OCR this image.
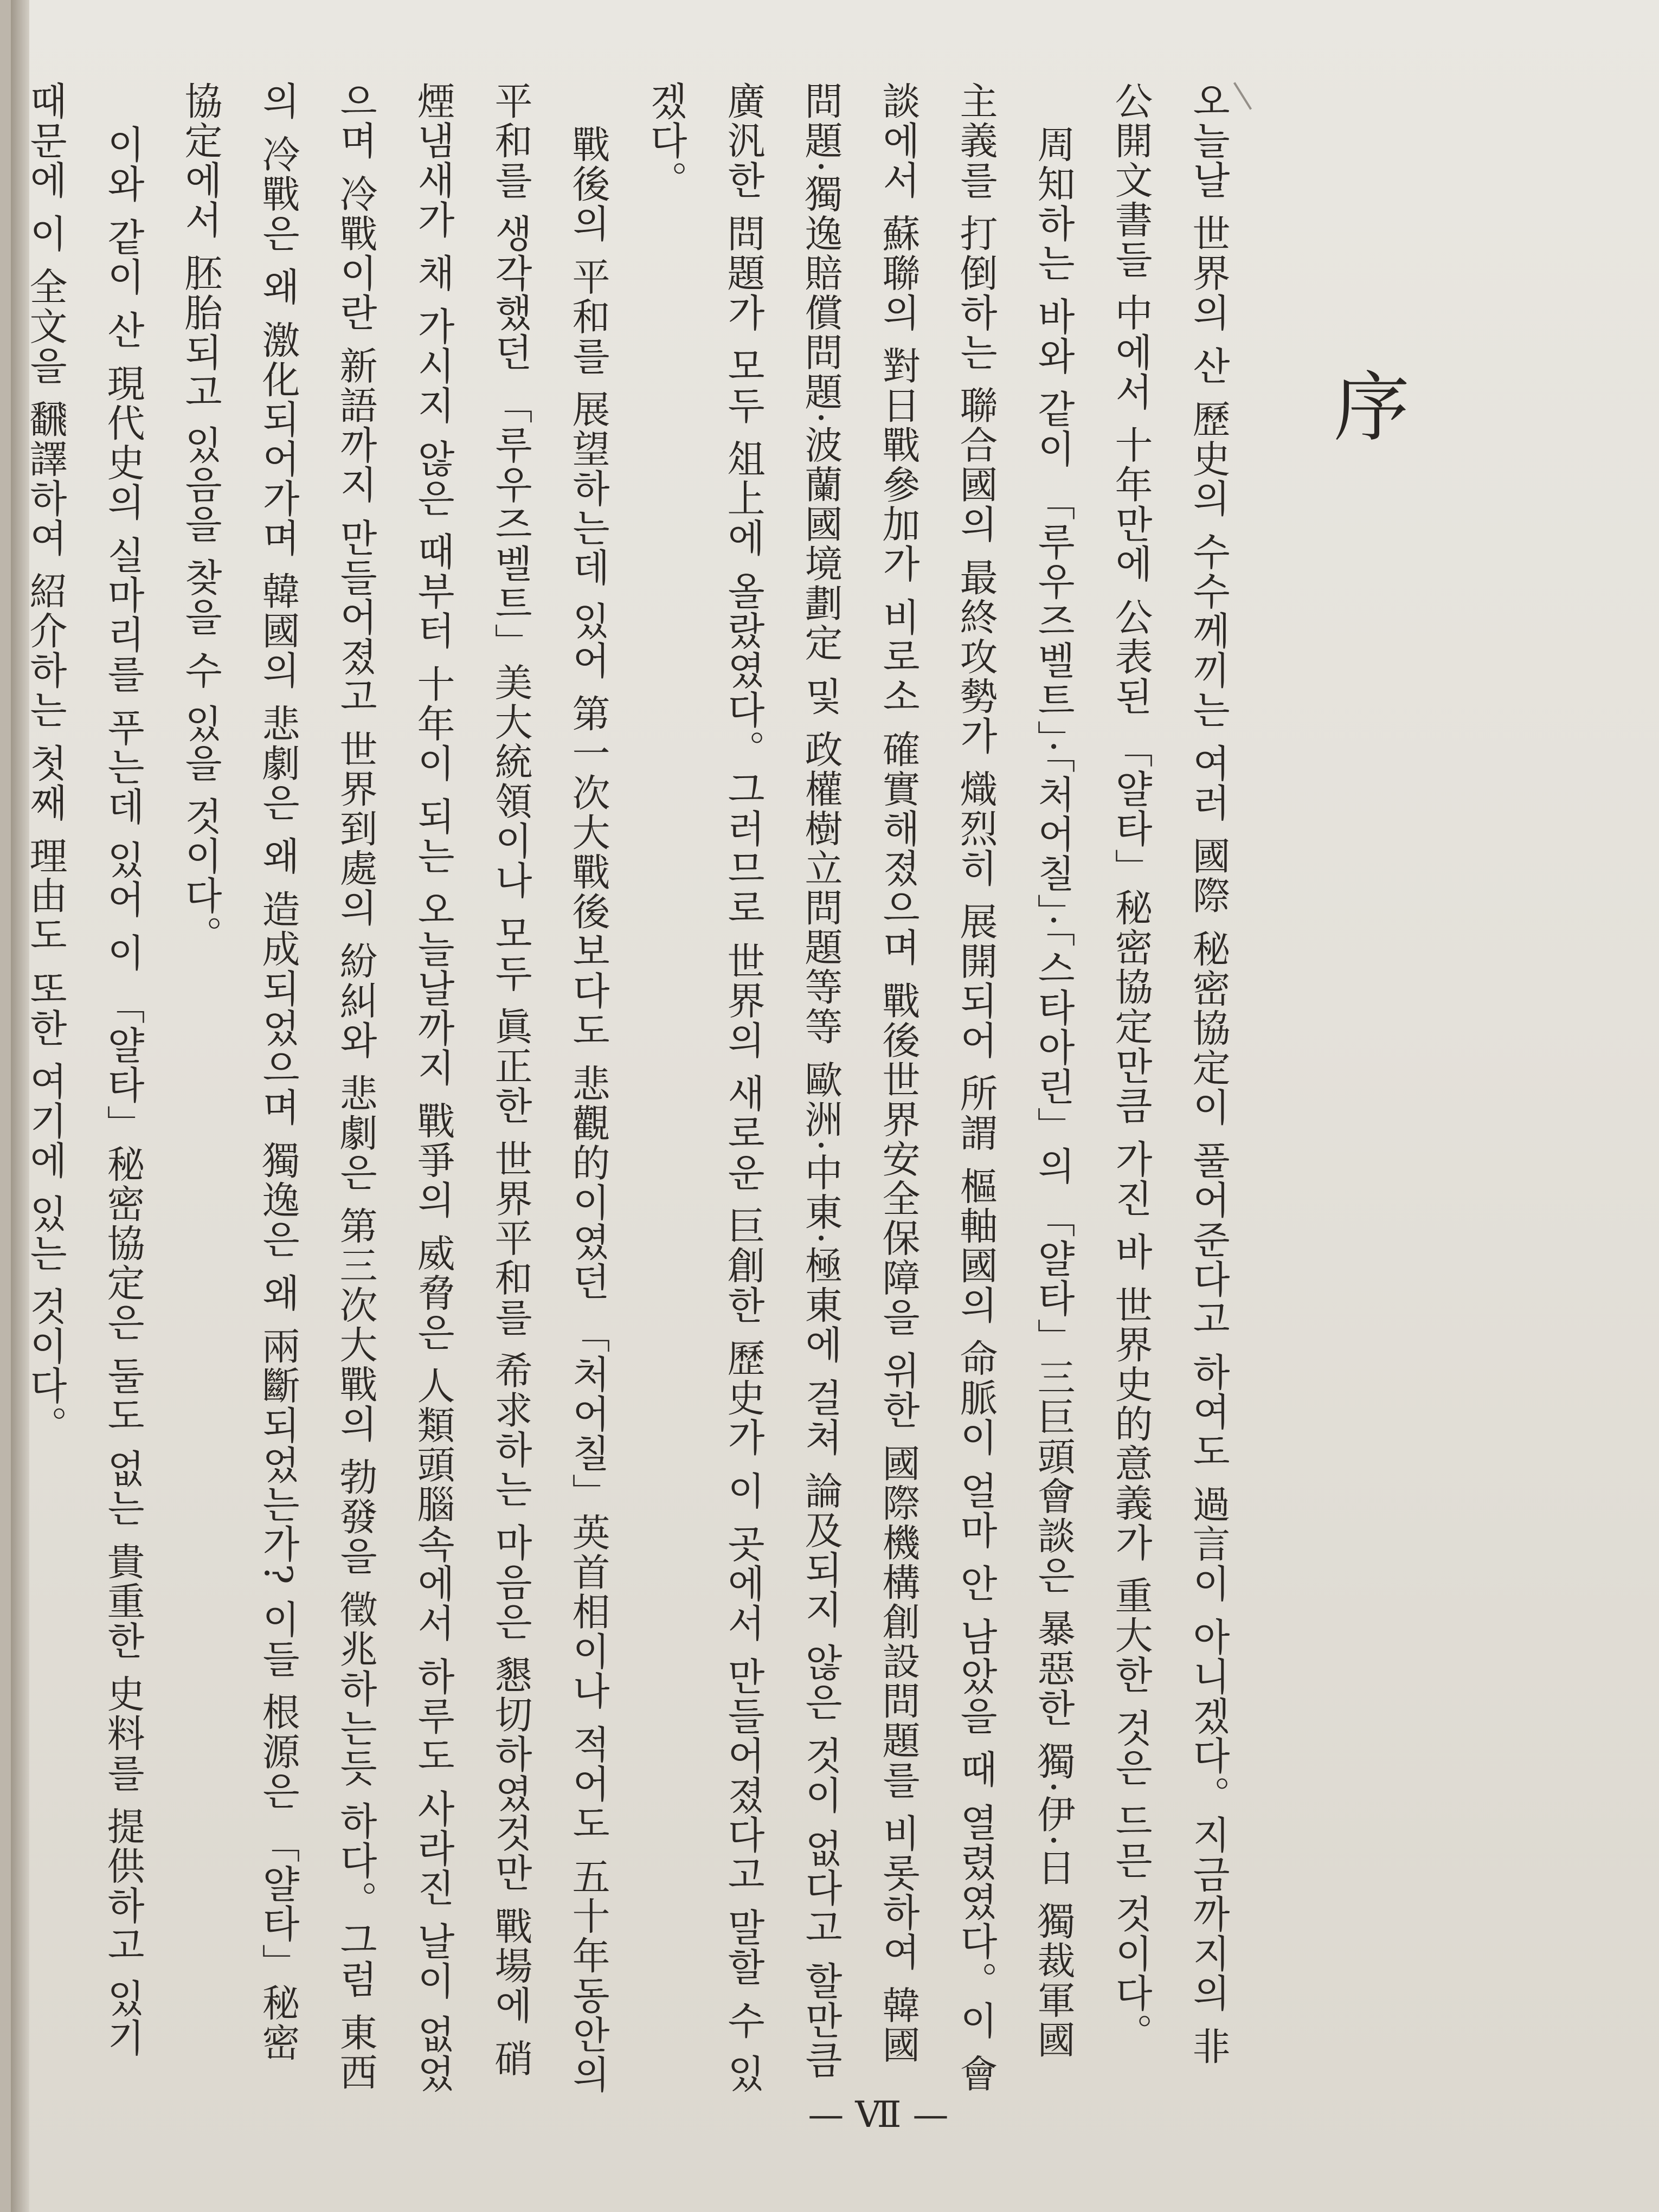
序

오늘날 世界의 산 歷史의 수수께끼는 여러 國際 秘密協定이 풀어준다고 하여도 過言이 아니겠다。지금까지의 非公開文書들 中에서 十年만에 公表된 「얄타」秘密協定만큼 가진 바 世界史的意義가 重大한 것은 드믄 것이다。

周知하는 바와 같이 「루우즈벨트」·「처어칠」·「스타아린」의 「얄타」三巨頭會談은 暴惡한 獨·伊·日 獨裁軍國主義를 打倒하는 聯合國의 最終攻勢가 熾烈히 展開되어 所謂 樞軸國의 命脈이 얼마 안 남았을 때 열렸였다。이 會談에서 蘇聯의 對日戰參加가 비로소 確實해졌으며 戰後世界安全保障을 위한 國際機構創設問題를 비롯하여 韓國問題·獨逸賠償問題·波蘭國境劃定 및 政權樹立問題等等 歐洲·中東·極東에 걸쳐 論及되지 않은 것이 없다고 할만큼 廣汎한 問題가 모두 俎上에 올랐였다。그러므로 世界의 새로운 巨創한 歷史가 이 곳에서 만들어졌다고 말할 수 있겠다。

戰後의 平和를 展望하는데 있어 第一次大戰後보다도 悲觀的이였던 「처어칠」英首相이나 적어도 五十年동안의 平和를 생각했던 「루우즈벨트」美大統領이나 모두 眞正한 世界平和를 希求하는 마음은 懇切하였것만 戰場에 硝煙냄새가 채 가시지 않은 때부터 十年이 되는 오늘날까지 戰爭의 威脅은 人類頭腦속에서 하루도 사라진 날이 없었으며 冷戰이란 新語까지 만들어졌고 世界到處의 紛糾와 悲劇은 第三次大戰의 勃發을 徵兆하는듯 하다。그럼 東西의 冷戰은 왜 激化되어가며 韓國의 悲劇은 왜 造成되었으며 獨逸은 왜 兩斷되었는가? 이들 根源은 「얄타」秘密協定에서 胚胎되고 있음을 찾을 수 있을 것이다。

이와 같이 산 現代史의 실마리를 푸는데 있어 이 「얄타」秘密協定은 둘도 없는 貴重한 史料를 提供하고 있기 때문에 이 全文을 飜譯하여 紹介하는 첫째 理由도 또한 여기에 있는 것이다。

— Ⅶ —
